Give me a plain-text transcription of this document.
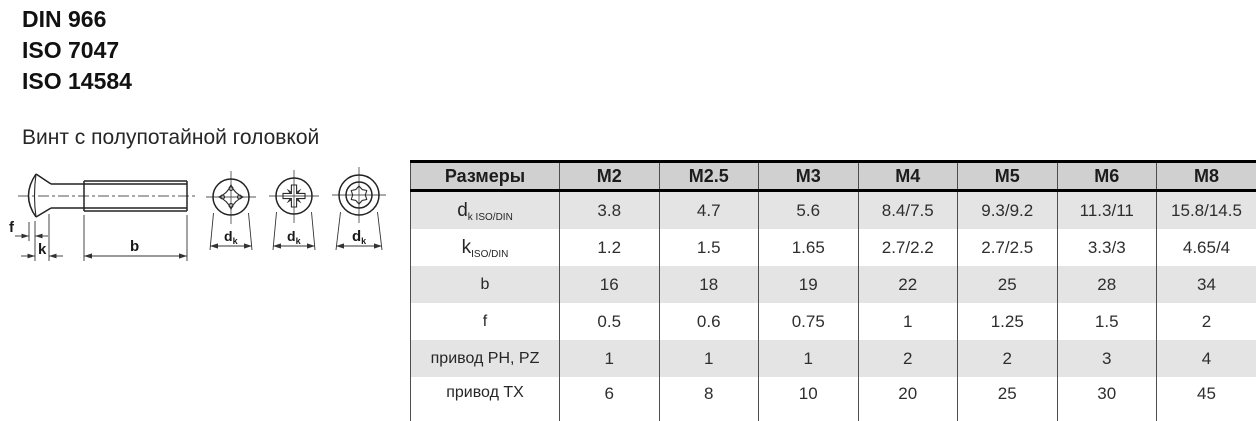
DIN 966
ISO 7047
ISO 14584
Винт с полупотайной головкой
f
k	b
$d_k$	$d_k$	$d_k$
Размеры	M2	M2.5	M3	M4	M5	M6	M8
$d_{k ISO/DIN}$	3.8	4.7	5.6	8.4/7.5	9.3/9.2	11.3/11	15.8/14.5
$k_{ISO/DIN}$	1.2	1.5	1.65	2.7/2.2	2.7/2.5	3.3/3	4.65/4
b	16	18	19	22	25	28	34
f	0.5	0.6	0.75	1	1.25	1.5	2
привод PH, PZ	1	1	1	2	2	3	4
привод TX	6	8	10	20	25	30	45
